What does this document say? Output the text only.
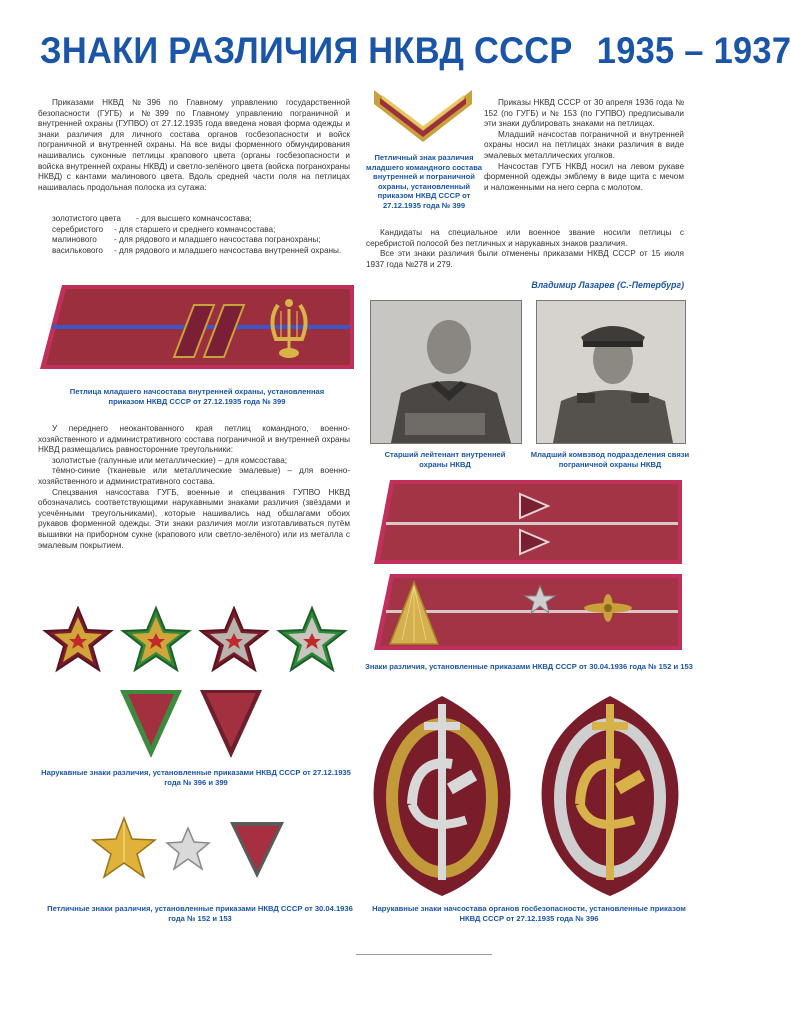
ЗНАКИ РАЗЛИЧИЯ НКВД СССР 1935 – 1937

Приказами НКВД №396 по Главному управлению государственной безопасности (ГУГБ) и №399 по Главному управлению пограничной и внутренней охраны (ГУПВО) от 27.12.1935 года введена новая форма одежды и знаки различия для личного состава органов госбезопасности и войск пограничной и внутренней охраны. На все виды форменного обмундирования нашивались суконные петлицы крапового цвета (органы госбезопасности и войска внутренней охраны НКВД) и светло-зелёного цвета (войска погранохраны НКВД) с кантами малинового цвета. Вдоль средней части поля на петлицах нашивалась продольная полоска из сутажа:

золотистого цвета - для высшего комначсостава;
серебристого - для старшего и среднего комначсостава;
малинового - для рядового и младшего начсостава погранохраны;
василькового - для рядового и младшего начсостава внутренней охраны.
Петличный знак различия младшего командного состава внутренней и пограничной охраны, установленный приказом НКВД СССР от 27.12.1935 года № 399

Приказы НКВД СССР от 30 апреля 1936 года № 152 (по ГУГБ) и № 153 (по ГУПВО) предписывали эти знаки дублировать знаками на петлицах.

Младший начсостав пограничной и внутренней охраны носил на петлицах знаки различия в виде эмалевых металлических уголков.

Начсостав ГУГБ НКВД носил на левом рукаве форменной одежды эмблему в виде щита с мечом и наложенными на него серпа с молотом.

Кандидаты на специальное или военное звание носили петлицы с серебристой полосой без петличных и нарукавных знаков различия.

Все эти знаки различия были отменены приказами НКВД СССР от 15 июля 1937 года №278 и 279.

Владимир Лазарев (С.-Петербург)
Петлица младшего начсостава внутренней охраны, установленная приказом НКВД СССР от 27.12.1935 года № 399
Старший лейтенант внутренней охраны НКВД
Младший комвзвод подразделения связи пограничной охраны НКВД

У переднего неокантованного края петлиц командного, военно-хозяйственного и административного состава пограничной и внутренней охраны НКВД размещались равносторонние треугольники:

золотистые (галунные или металлические) – для комсостава;

тёмно-синие (тканевые или металлические эмалевые) – для военно-хозяйственного и административного состава.

Спецзвания начсостава ГУГБ, военные и спецзвания ГУПВО НКВД обозначались соответствующими нарукавными знаками различия (звёздами и усечёнными треугольниками), которые нашивались над обшлагами обоих рукавов форменной одежды. Эти знаки различия могли изготавливаться путём вышивки на приборном сукне (крапового или светло-зелёного) или из металла с эмалевым покрытием.

Знаки различия, установленные приказами НКВД СССР от 30.04.1936 года № 152 и 153
Нарукавные знаки различия, установленные приказами НКВД СССР от 27.12.1935 года № 396 и 399
Петличные знаки различия, установленные приказами НКВД СССР от 30.04.1936 года № 152 и 153
Нарукавные знаки начсостава органов госбезопасности, установленные приказом НКВД СССР от 27.12.1935 года № 396
